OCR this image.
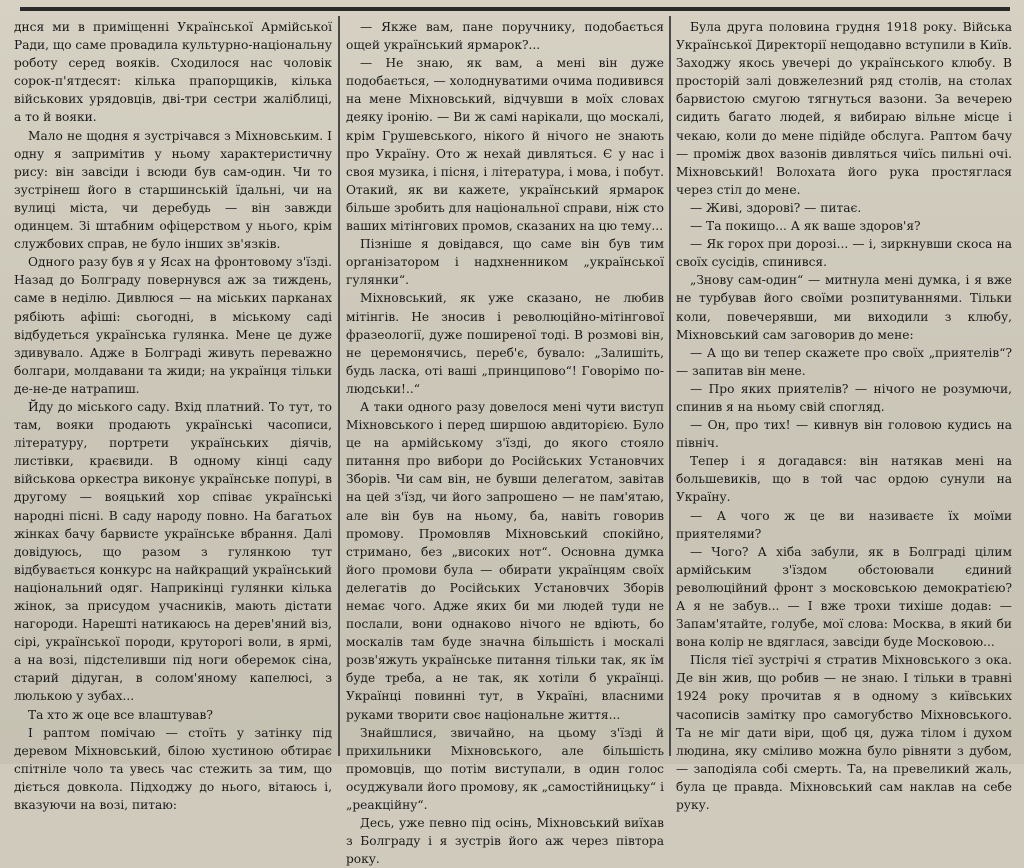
днся ми в приміщенні Української Армійської Ради, що саме провадила культурно-національну роботу серед вояків. Сходилося нас чоловік сорок-п'ятдесят: кілька прапорщиків, кілька військових урядовців, дві-три сестри жаліблиці, а то й вояки.

Мало не щодня я зустрічався з Міхновським. І одну я запримітив у ньому характеристичну рису: він завсіди і всюди був сам-один. Чи то зустрінеш його в старшинській їдальні, чи на вулиці міста, чи деребудь — він завжди одинцем. Зі штабним офіцерством у нього, крім службових справ, не було інших зв'язків.

Одного разу був я у Ясах на фронтовому з'їзді. Назад до Болграду повернувся аж за тиждень, саме в неділю. Дивлюся — на міських парканах рябіють афіші: сьогодні, в міському саді відбудеться українська гулянка. Мене це дуже здивувало. Адже в Болграді живуть переважно болгари, молдавани та жиди; на українця тільки де-не-де натрапиш.

Йду до міського саду. Вхід платний. То тут, то там, вояки продають українські часописи, літературу, портрети українських діячів, листівки, краєвиди. В одному кінці саду військова оркестра виконує українське попурі, в другому — вояцький хор співає українські народні пісні. В саду народу повно. На багатьох жінках бачу барвисте українське вбрання. Далі довідуюсь, що разом з гулянкою тут відбувається конкурс на найкращий український національний одяг. Наприкінці гулянки кілька жінок, за присудом учасників, мають дістати нагороди. Нарешті натикаюсь на дерев'яний віз, сірі, української породи, круторогі воли, в ярмі, а на возі, підстеливши під ноги оберемок сіна, старий дідуган, в солом'яному капелюсі, з люлькою у зубах...

Та хто ж оце все влаштував?

І раптом помічаю — стоїть у затінку під деревом Міхновський, білою хустиною обтирає спітніле чоло та увесь час стежить за тим, що діється довкола. Підходжу до нього, вітаюсь і, вказуючи на возі, питаю:

— Якже вам, пане поручнику, подобається ощей український ярмарок?...

— Не знаю, як вам, а мені він дуже подобається, — холоднуватими очима подивився на мене Міхновський, відчувши в моїх словах деяку іронію. — Ви ж самі нарікали, що москалі, крім Грушевського, нікого й нічого не знають про Україну. Ото ж нехай дивляться. Є у нас і своя музика, і пісня, і література, і мова, і побут. Отакий, як ви кажете, український ярмарок більше зробить для національної справи, ніж сто ваших мітінгових промов, сказаних на цю тему...

Пізніше я довідався, що саме він був тим організатором і надхненником „української гулянки“.

Міхновський, як уже сказано, не любив мітінгів. Не зносив і революційно-мітінгової фразеології, дуже поширеної тоді. В розмові він, не церемонячись, переб'є, бувало: „Залишіть, будь ласка, оті ваші „принципово“! Говорімо по-людськи!..“

А таки одного разу довелося мені чути виступ Міхновського і перед ширшою авдиторією. Було це на армійському з'їзді, до якого стояло питання про вибори до Російських Установчих Зборів. Чи сам він, не бувши делегатом, завітав на цей з'їзд, чи його запрошено — не пам'ятаю, але він був на ньому, ба, навіть говорив промову. Промовляв Міхновський спокійно, стримано, без „високих нот“. Основна думка його промови була — обирати українцям своїх делегатів до Російських Установчих Зборів немає чого. Адже яких би ми людей туди не послали, вони однаково нічого не вдіють, бо москалів там буде значна більшість і москалі розв'яжуть українське питання тільки так, як їм буде треба, а не так, як хотіли б українці. Українці повинні тут, в Україні, власними руками творити своє національне життя...

Знайшлися, звичайно, на цьому з'їзді й прихильники Міхновського, але більшість промовців, що потім виступали, в один голос осуджували його промову, як „самостійницьку“ і „реакційну“.

Десь, уже певно під осінь, Міхновський виїхав з Болграду і я зустрів його аж через півтора року.

Була друга половина грудня 1918 року. Війська Української Директорії нещодавно вступили в Київ. Заходжу якось увечері до українського клюбу. В просторій залі довжелезний ряд столів, на столах барвистою смугою тягнуться вазони. За вечерею сидить багато людей, я вибираю вільне місце і чекаю, коли до мене підійде обслуга. Раптом бачу — проміж двох вазонів дивляться чиїсь пильні очі. Міхновський! Волохата його рука простяглася через стіл до мене.

— Живі, здорові? — питає.

— Та покищо... А як ваше здоров'я?

— Як горох при дорозі... — і, зиркнувши скоса на своїх сусідів, спинився.

„Знову сам-один“ — митнула мені думка, і я вже не турбував його своїми розпитуваннями. Тільки коли, повечерявши, ми виходили з клюбу, Міхновський сам заговорив до мене:

— А що ви тепер скажете про своїх „приятелів“? — запитав він мене.

— Про яких приятелів? — нічого не розумючи, спинив я на ньому свій спогляд.

— Он, про тих! — кивнув він головою кудись на північ.

Тепер і я догадався: він натякав мені на большевиків, що в той час ордою сунули на Україну.

— А чого ж це ви називаєте їх моїми приятелями?

— Чого? А хіба забули, як в Болграді цілим армійським з'їздом обстоювали єдиний революційний фронт з московською демократією? А я не забув... — І вже трохи тихіше додав: — Запам'ятайте, голубе, мої слова: Москва, в який би вона колір не вдяглася, завсіди буде Московою...

Після тієї зустрічі я стратив Міхновського з ока. Де він жив, що робив — не знаю. І тільки в травні 1924 року прочитав я в одному з київських часописів замітку про самогубство Міхновського. Та не міг дати віри, щоб ця, дужа тілом і духом людина, яку сміливо можна було рівняти з дубом, — заподіяла собі смерть. Та, на превеликий жаль, була це правда. Міхновський сам наклав на себе руку.
